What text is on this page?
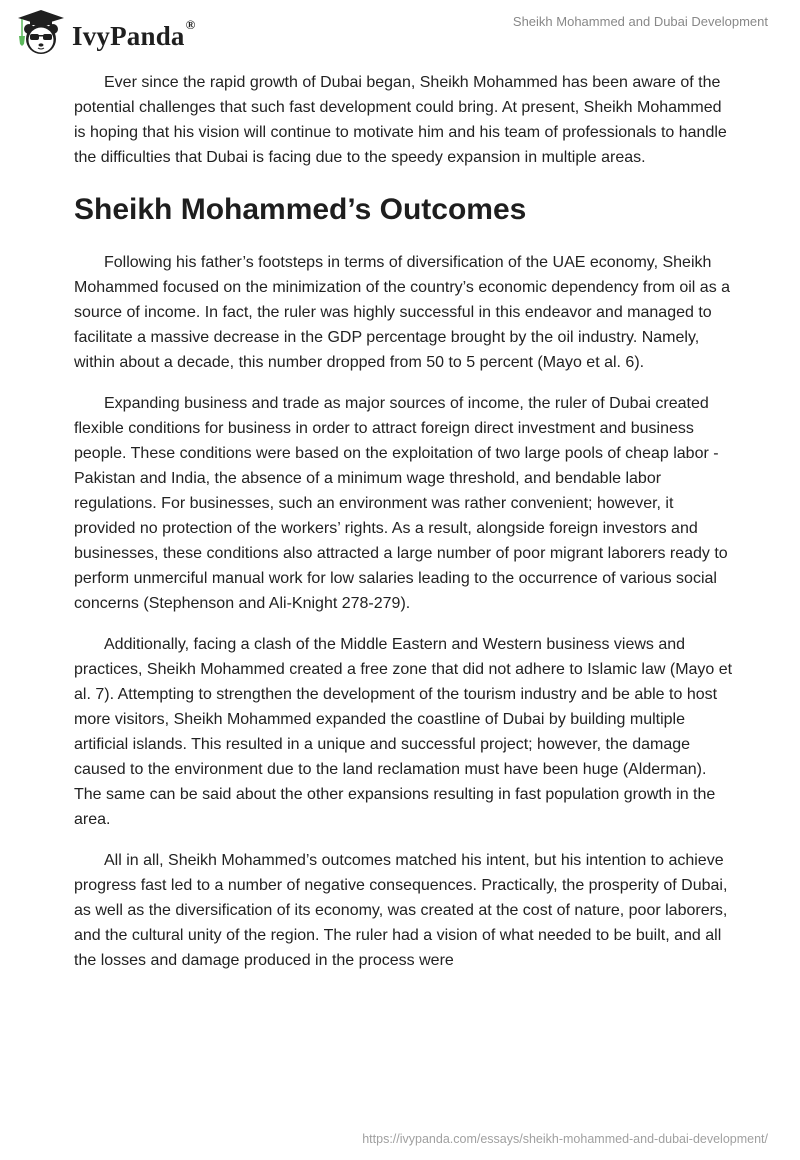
IvyPanda®	Sheikh Mohammed and Dubai Development

Ever since the rapid growth of Dubai began, Sheikh Mohammed has been aware of the potential challenges that such fast development could bring. At present, Sheikh Mohammed is hoping that his vision will continue to motivate him and his team of professionals to handle the difficulties that Dubai is facing due to the speedy expansion in multiple areas.

Sheikh Mohammed’s Outcomes

Following his father’s footsteps in terms of diversification of the UAE economy, Sheikh Mohammed focused on the minimization of the country’s economic dependency from oil as a source of income. In fact, the ruler was highly successful in this endeavor and managed to facilitate a massive decrease in the GDP percentage brought by the oil industry. Namely, within about a decade, this number dropped from 50 to 5 percent (Mayo et al. 6).

Expanding business and trade as major sources of income, the ruler of Dubai created flexible conditions for business in order to attract foreign direct investment and business people. These conditions were based on the exploitation of two large pools of cheap labor - Pakistan and India, the absence of a minimum wage threshold, and bendable labor regulations. For businesses, such an environment was rather convenient; however, it provided no protection of the workers’ rights. As a result, alongside foreign investors and businesses, these conditions also attracted a large number of poor migrant laborers ready to perform unmerciful manual work for low salaries leading to the occurrence of various social concerns (Stephenson and Ali-Knight 278-279).

Additionally, facing a clash of the Middle Eastern and Western business views and practices, Sheikh Mohammed created a free zone that did not adhere to Islamic law (Mayo et al. 7). Attempting to strengthen the development of the tourism industry and be able to host more visitors, Sheikh Mohammed expanded the coastline of Dubai by building multiple artificial islands. This resulted in a unique and successful project; however, the damage caused to the environment due to the land reclamation must have been huge (Alderman). The same can be said about the other expansions resulting in fast population growth in the area.

All in all, Sheikh Mohammed’s outcomes matched his intent, but his intention to achieve progress fast led to a number of negative consequences. Practically, the prosperity of Dubai, as well as the diversification of its economy, was created at the cost of nature, poor laborers, and the cultural unity of the region. The ruler had a vision of what needed to be built, and all the losses and damage produced in the process were

https://ivypanda.com/essays/sheikh-mohammed-and-dubai-development/
